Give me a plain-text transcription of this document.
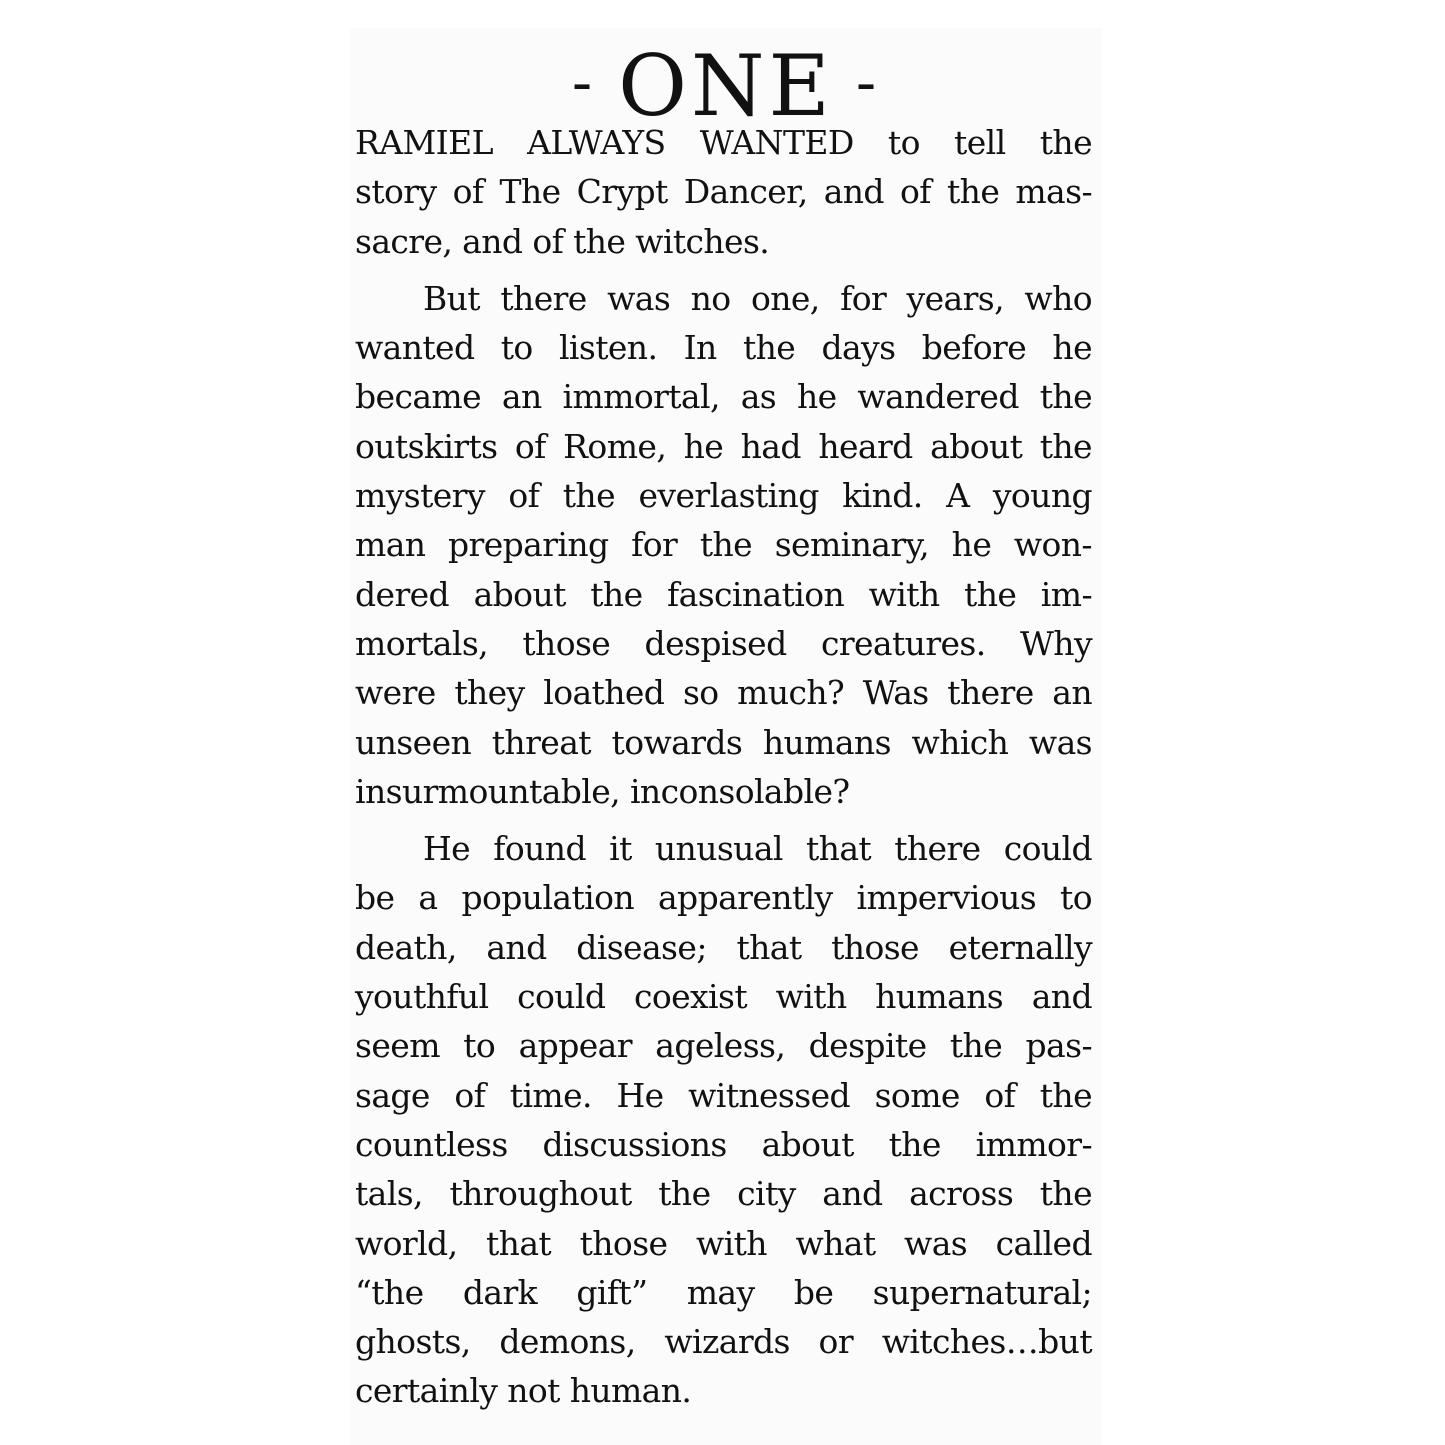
- ONE -
RAMIEL ALWAYS WANTED to tell the
story of The Crypt Dancer, and of the mas-
sacre, and of the witches.
But there was no one, for years, who
wanted to listen. In the days before he
became an immortal, as he wandered the
outskirts of Rome, he had heard about the
mystery of the everlasting kind. A young
man preparing for the seminary, he won-
dered about the fascination with the im-
mortals, those despised creatures. Why
were they loathed so much? Was there an
unseen threat towards humans which was
insurmountable, inconsolable?
He found it unusual that there could
be a population apparently impervious to
death, and disease; that those eternally
youthful could coexist with humans and
seem to appear ageless, despite the pas-
sage of time. He witnessed some of the
countless discussions about the immor-
tals, throughout the city and across the
world, that those with what was called
“the dark gift” may be supernatural;
ghosts, demons, wizards or witches…but
certainly not human.
